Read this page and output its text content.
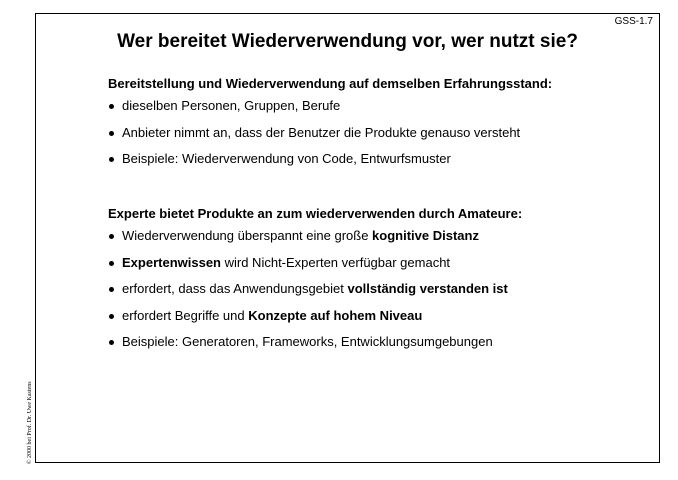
GSS-1.7
Wer bereitet Wiederverwendung vor, wer nutzt sie?
Bereitstellung und Wiederverwendung auf demselben Erfahrungsstand:
dieselben Personen, Gruppen, Berufe
Anbieter nimmt an, dass der Benutzer die Produkte genauso versteht
Beispiele: Wiederverwendung von Code, Entwurfsmuster
Experte bietet Produkte an zum wiederverwenden durch Amateure:
Wiederverwendung überspannt eine große kognitive Distanz
Expertenwissen wird Nicht-Experten verfügbar gemacht
erfordert, dass das Anwendungsgebiet vollständig verstanden ist
erfordert Begriffe und Konzepte auf hohem Niveau
Beispiele: Generatoren, Frameworks, Entwicklungsumgebungen
© 2000 bei Prof. Dr. Uwe Kastens
